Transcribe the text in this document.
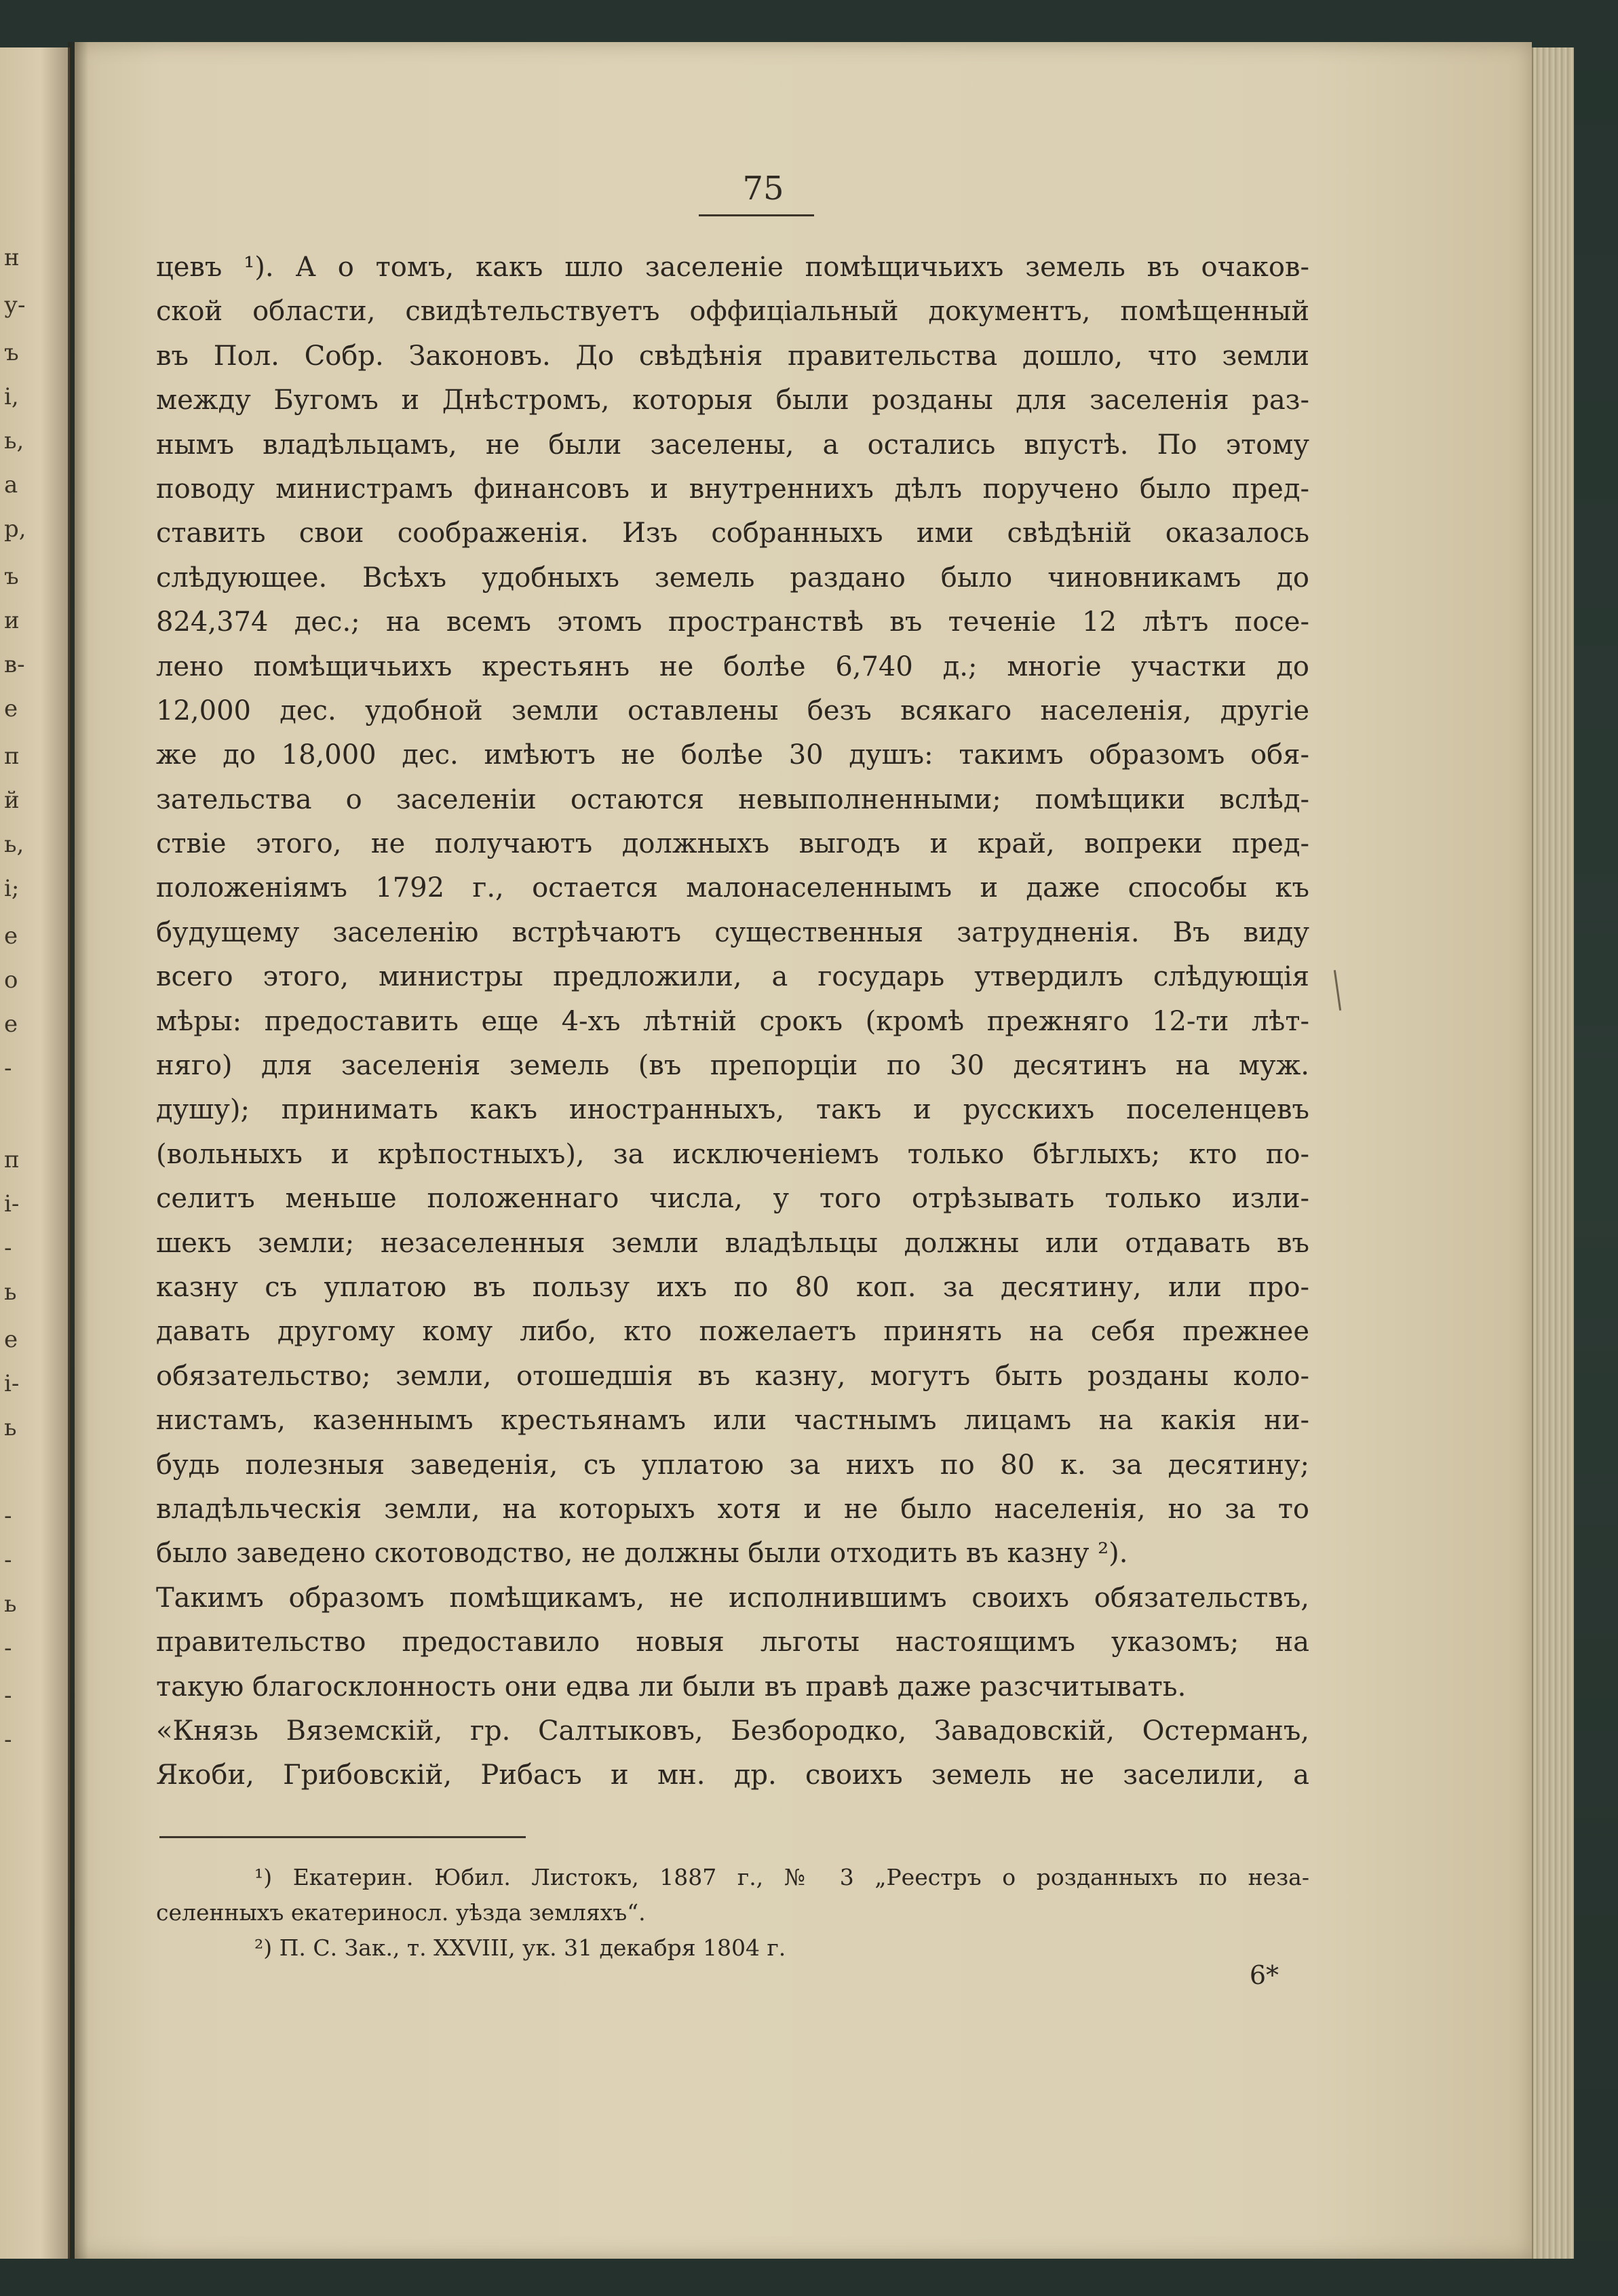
н
у-
ъ
і,
ь,
а
р,
ъ
и
в-
е
п
й
ь,
і;
е
о
е
-
п
і-
-
ь
е
і-
ь
-
-
ь
-
-
-
75
цевъ ¹). А о томъ, какъ шло заселеніе помѣщичьихъ земель въ очаков-
ской области, свидѣтельствуетъ оффиціальный документъ, помѣщенный
въ Пол. Собр. Законовъ. До свѣдѣнія правительства дошло, что земли
между Бугомъ и Днѣстромъ, которыя были розданы для заселенія раз-
нымъ владѣльцамъ, не были заселены, а остались впустѣ. По этому
поводу министрамъ финансовъ и внутреннихъ дѣлъ поручено было пред-
ставить свои соображенія. Изъ собранныхъ ими свѣдѣній оказалось
слѣдующее. Всѣхъ удобныхъ земель раздано было чиновникамъ до
824,374 дес.; на всемъ этомъ пространствѣ въ теченіе 12 лѣтъ посе-
лено помѣщичьихъ крестьянъ не болѣе 6,740 д.; многіе участки до
12,000 дес. удобной земли оставлены безъ всякаго населенія, другіе
же до 18,000 дес. имѣютъ не болѣе 30 душъ: такимъ образомъ обя-
зательства о заселеніи остаются невыполненными; помѣщики вслѣд-
ствіе этого, не получаютъ должныхъ выгодъ и край, вопреки пред-
положеніямъ 1792 г., остается малонаселеннымъ и даже способы къ
будущему заселенію встрѣчаютъ существенныя затрудненія. Въ виду
всего этого, министры предложили, а государь утвердилъ слѣдующія
мѣры: предоставить еще 4-хъ лѣтній срокъ (кромѣ прежняго 12-ти лѣт-
няго) для заселенія земель (въ препорціи по 30 десятинъ на муж.
душу); принимать какъ иностранныхъ, такъ и русскихъ поселенцевъ
(вольныхъ и крѣпостныхъ), за исключеніемъ только бѣглыхъ; кто по-
селитъ меньше положеннаго числа, у того отрѣзывать только изли-
шекъ земли; незаселенныя земли владѣльцы должны или отдавать въ
казну съ уплатою въ пользу ихъ по 80 коп. за десятину, или про-
давать другому кому либо, кто пожелаетъ принять на себя прежнее
обязательство; земли, отошедшія въ казну, могутъ быть розданы коло-
нистамъ, казеннымъ крестьянамъ или частнымъ лицамъ на какія ни-
будь полезныя заведенія, съ уплатою за нихъ по 80 к. за десятину;
владѣльческія земли, на которыхъ хотя и не было населенія, но за то
было заведено скотоводство, не должны были отходить въ казну ²).
Такимъ образомъ помѣщикамъ, не исполнившимъ своихъ обязательствъ,
правительство предоставило новыя льготы настоящимъ указомъ; на
такую благосклонность они едва ли были въ правѣ даже разсчитывать.
«Князь Вяземскій, гр. Салтыковъ, Безбородко, Завадовскій, Остерманъ,
Якоби, Грибовскій, Рибасъ и мн. др. своихъ земель не заселили, а
¹) Екатерин. Юбил. Листокъ, 1887 г., № 3 „Реестръ о розданныхъ по неза-
селенныхъ екатериносл. уѣзда земляхъ“.
²) П. С. Зак., т. XXVIII, ук. 31 декабря 1804 г.
6*
